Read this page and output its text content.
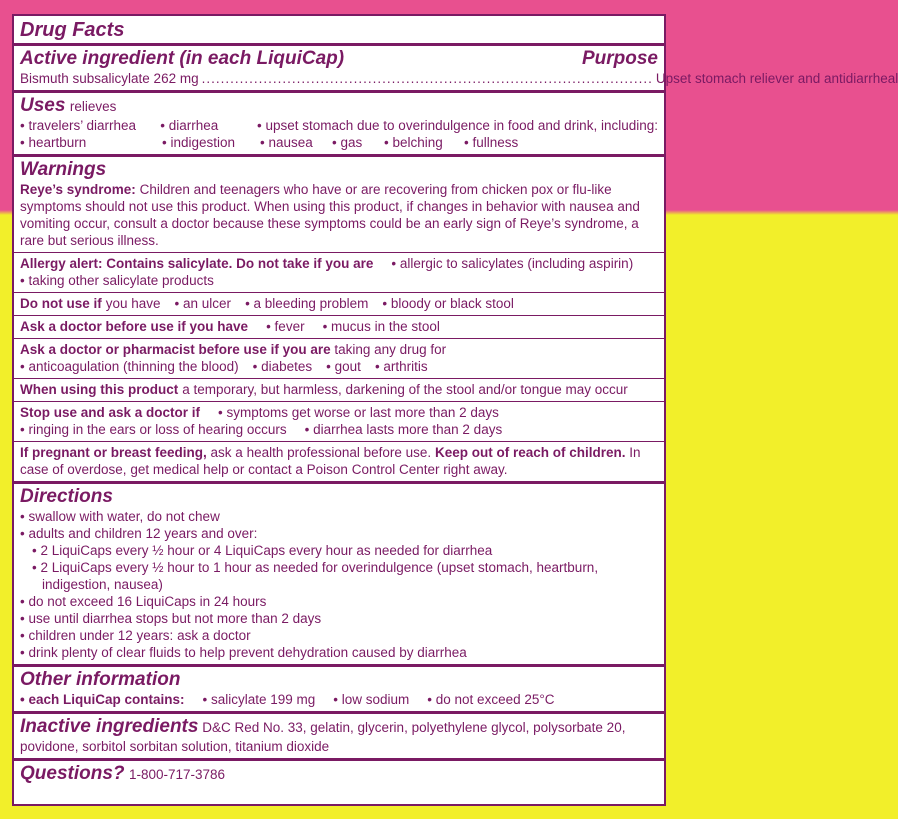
Drug Facts
Active ingredient (in each LiquiCap)	Purpose
Bismuth subsalicylate 262 mg ............................................................................................... Upset stomach reliever and antidiarrheal
Uses relieves
• travelers’ diarrhea	• diarrhea	• upset stomach due to overindulgence in food and drink, including:
• heartburn	• indigestion	• nausea	• gas	• belching	• fullness
Warnings
Reye’s syndrome: Children and teenagers who have or are recovering from chicken pox or flu-like symptoms should not use this product. When using this product, if changes in behavior with nausea and vomiting occur, consult a doctor because these symptoms could be an early sign of Reye’s syndrome, a rare but serious illness.
Allergy alert: Contains salicylate. Do not take if you are • allergic to salicylates (including aspirin)
• taking other salicylate products
Do not use if you have • an ulcer • a bleeding problem • bloody or black stool
Ask a doctor before use if you have • fever • mucus in the stool
Ask a doctor or pharmacist before use if you are taking any drug for
• anticoagulation (thinning the blood) • diabetes • gout • arthritis
When using this product a temporary, but harmless, darkening of the stool and/or tongue may occur
Stop use and ask a doctor if • symptoms get worse or last more than 2 days
• ringing in the ears or loss of hearing occurs • diarrhea lasts more than 2 days
If pregnant or breast feeding, ask a health professional before use. Keep out of reach of children. In case of overdose, get medical help or contact a Poison Control Center right away.
Directions
• swallow with water, do not chew
• adults and children 12 years and over:
• 2 LiquiCaps every ½ hour or 4 LiquiCaps every hour as needed for diarrhea
• 2 LiquiCaps every ½ hour to 1 hour as needed for overindulgence (upset stomach, heartburn, indigestion, nausea)
• do not exceed 16 LiquiCaps in 24 hours
• use until diarrhea stops but not more than 2 days
• children under 12 years: ask a doctor
• drink plenty of clear fluids to help prevent dehydration caused by diarrhea
Other information
• each LiquiCap contains: • salicylate 199 mg • low sodium • do not exceed 25°C
Inactive ingredients D&C Red No. 33, gelatin, glycerin, polyethylene glycol, polysorbate 20, povidone, sorbitol sorbitan solution, titanium dioxide
Questions? 1-800-717-3786
